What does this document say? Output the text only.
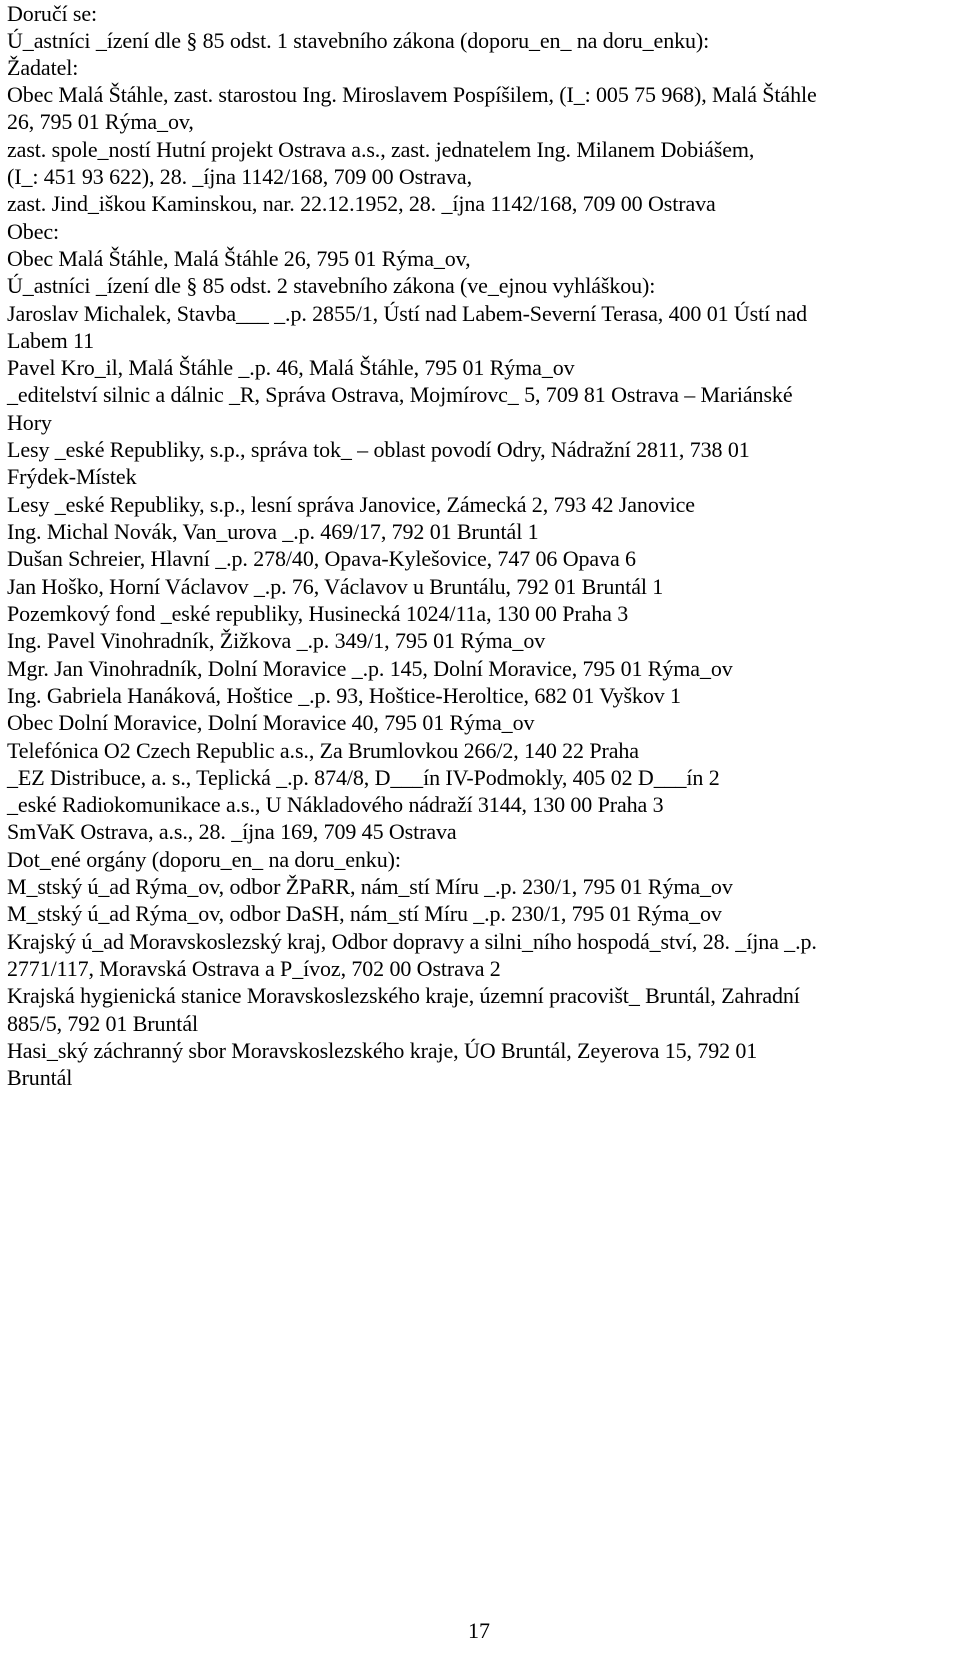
Doručí se:
Ú_astníci _ízení dle § 85 odst. 1 stavebního zákona (doporu_en_ na doru_enku):
Žadatel:
Obec Malá Štáhle, zast. starostou Ing. Miroslavem Pospíšilem, (I_: 005 75 968), Malá Štáhle
26, 795 01 Rýma_ov,
zast. spole_ností Hutní projekt Ostrava a.s., zast. jednatelem Ing. Milanem Dobiášem,
(I_: 451 93 622), 28. _íjna 1142/168, 709 00 Ostrava,
zast. Jind_iškou Kaminskou, nar. 22.12.1952, 28. _íjna 1142/168, 709 00 Ostrava
Obec:
Obec Malá Štáhle, Malá Štáhle 26, 795 01 Rýma_ov,
Ú_astníci _ízení dle § 85 odst. 2 stavebního zákona (ve_ejnou vyhláškou):
Jaroslav Michalek, Stavba___ _.p. 2855/1, Ústí nad Labem-Severní Terasa, 400 01 Ústí nad
Labem 11
Pavel Kro_il, Malá Štáhle _.p. 46, Malá Štáhle, 795 01 Rýma_ov
_editelství silnic a dálnic _R, Správa Ostrava, Mojmírovc_ 5, 709 81 Ostrava – Mariánské
Hory
Lesy _eské Republiky, s.p., správa tok_ – oblast povodí Odry, Nádražní 2811, 738 01
Frýdek-Místek
Lesy _eské Republiky, s.p., lesní správa Janovice, Zámecká 2, 793 42 Janovice
Ing. Michal Novák, Van_urova _.p. 469/17, 792 01 Bruntál 1
Dušan Schreier, Hlavní _.p. 278/40, Opava-Kylešovice, 747 06 Opava 6
Jan Hoško, Horní Václavov _.p. 76, Václavov u Bruntálu, 792 01 Bruntál 1
Pozemkový fond _eské republiky, Husinecká 1024/11a, 130 00 Praha 3
Ing. Pavel Vinohradník, Žižkova _.p. 349/1, 795 01 Rýma_ov
Mgr. Jan Vinohradník, Dolní Moravice _.p. 145, Dolní Moravice, 795 01 Rýma_ov
Ing. Gabriela Hanáková, Hoštice _.p. 93, Hoštice-Heroltice, 682 01 Vyškov 1
Obec Dolní Moravice, Dolní Moravice 40, 795 01 Rýma_ov
Telefónica O2 Czech Republic a.s., Za Brumlovkou 266/2, 140 22 Praha
_EZ Distribuce, a. s., Teplická _.p. 874/8, D___ín IV-Podmokly, 405 02 D___ín 2
_eské Radiokomunikace a.s., U Nákladového nádraží 3144, 130 00 Praha 3
SmVaK Ostrava, a.s., 28. _íjna 169, 709 45 Ostrava
Dot_ené orgány (doporu_en_ na doru_enku):
M_stský ú_ad Rýma_ov, odbor ŽPaRR, nám_stí Míru _.p. 230/1, 795 01 Rýma_ov
M_stský ú_ad Rýma_ov, odbor DaSH, nám_stí Míru _.p. 230/1, 795 01 Rýma_ov
Krajský ú_ad Moravskoslezský kraj, Odbor dopravy a silni_ního hospodá_ství, 28. _íjna _.p.
2771/117, Moravská Ostrava a P_ívoz, 702 00 Ostrava 2
Krajská hygienická stanice Moravskoslezského kraje, územní pracovišt_ Bruntál, Zahradní
885/5, 792 01 Bruntál
Hasi_ský záchranný sbor Moravskoslezského kraje, ÚO Bruntál, Zeyerova 15, 792 01
Bruntál
17
